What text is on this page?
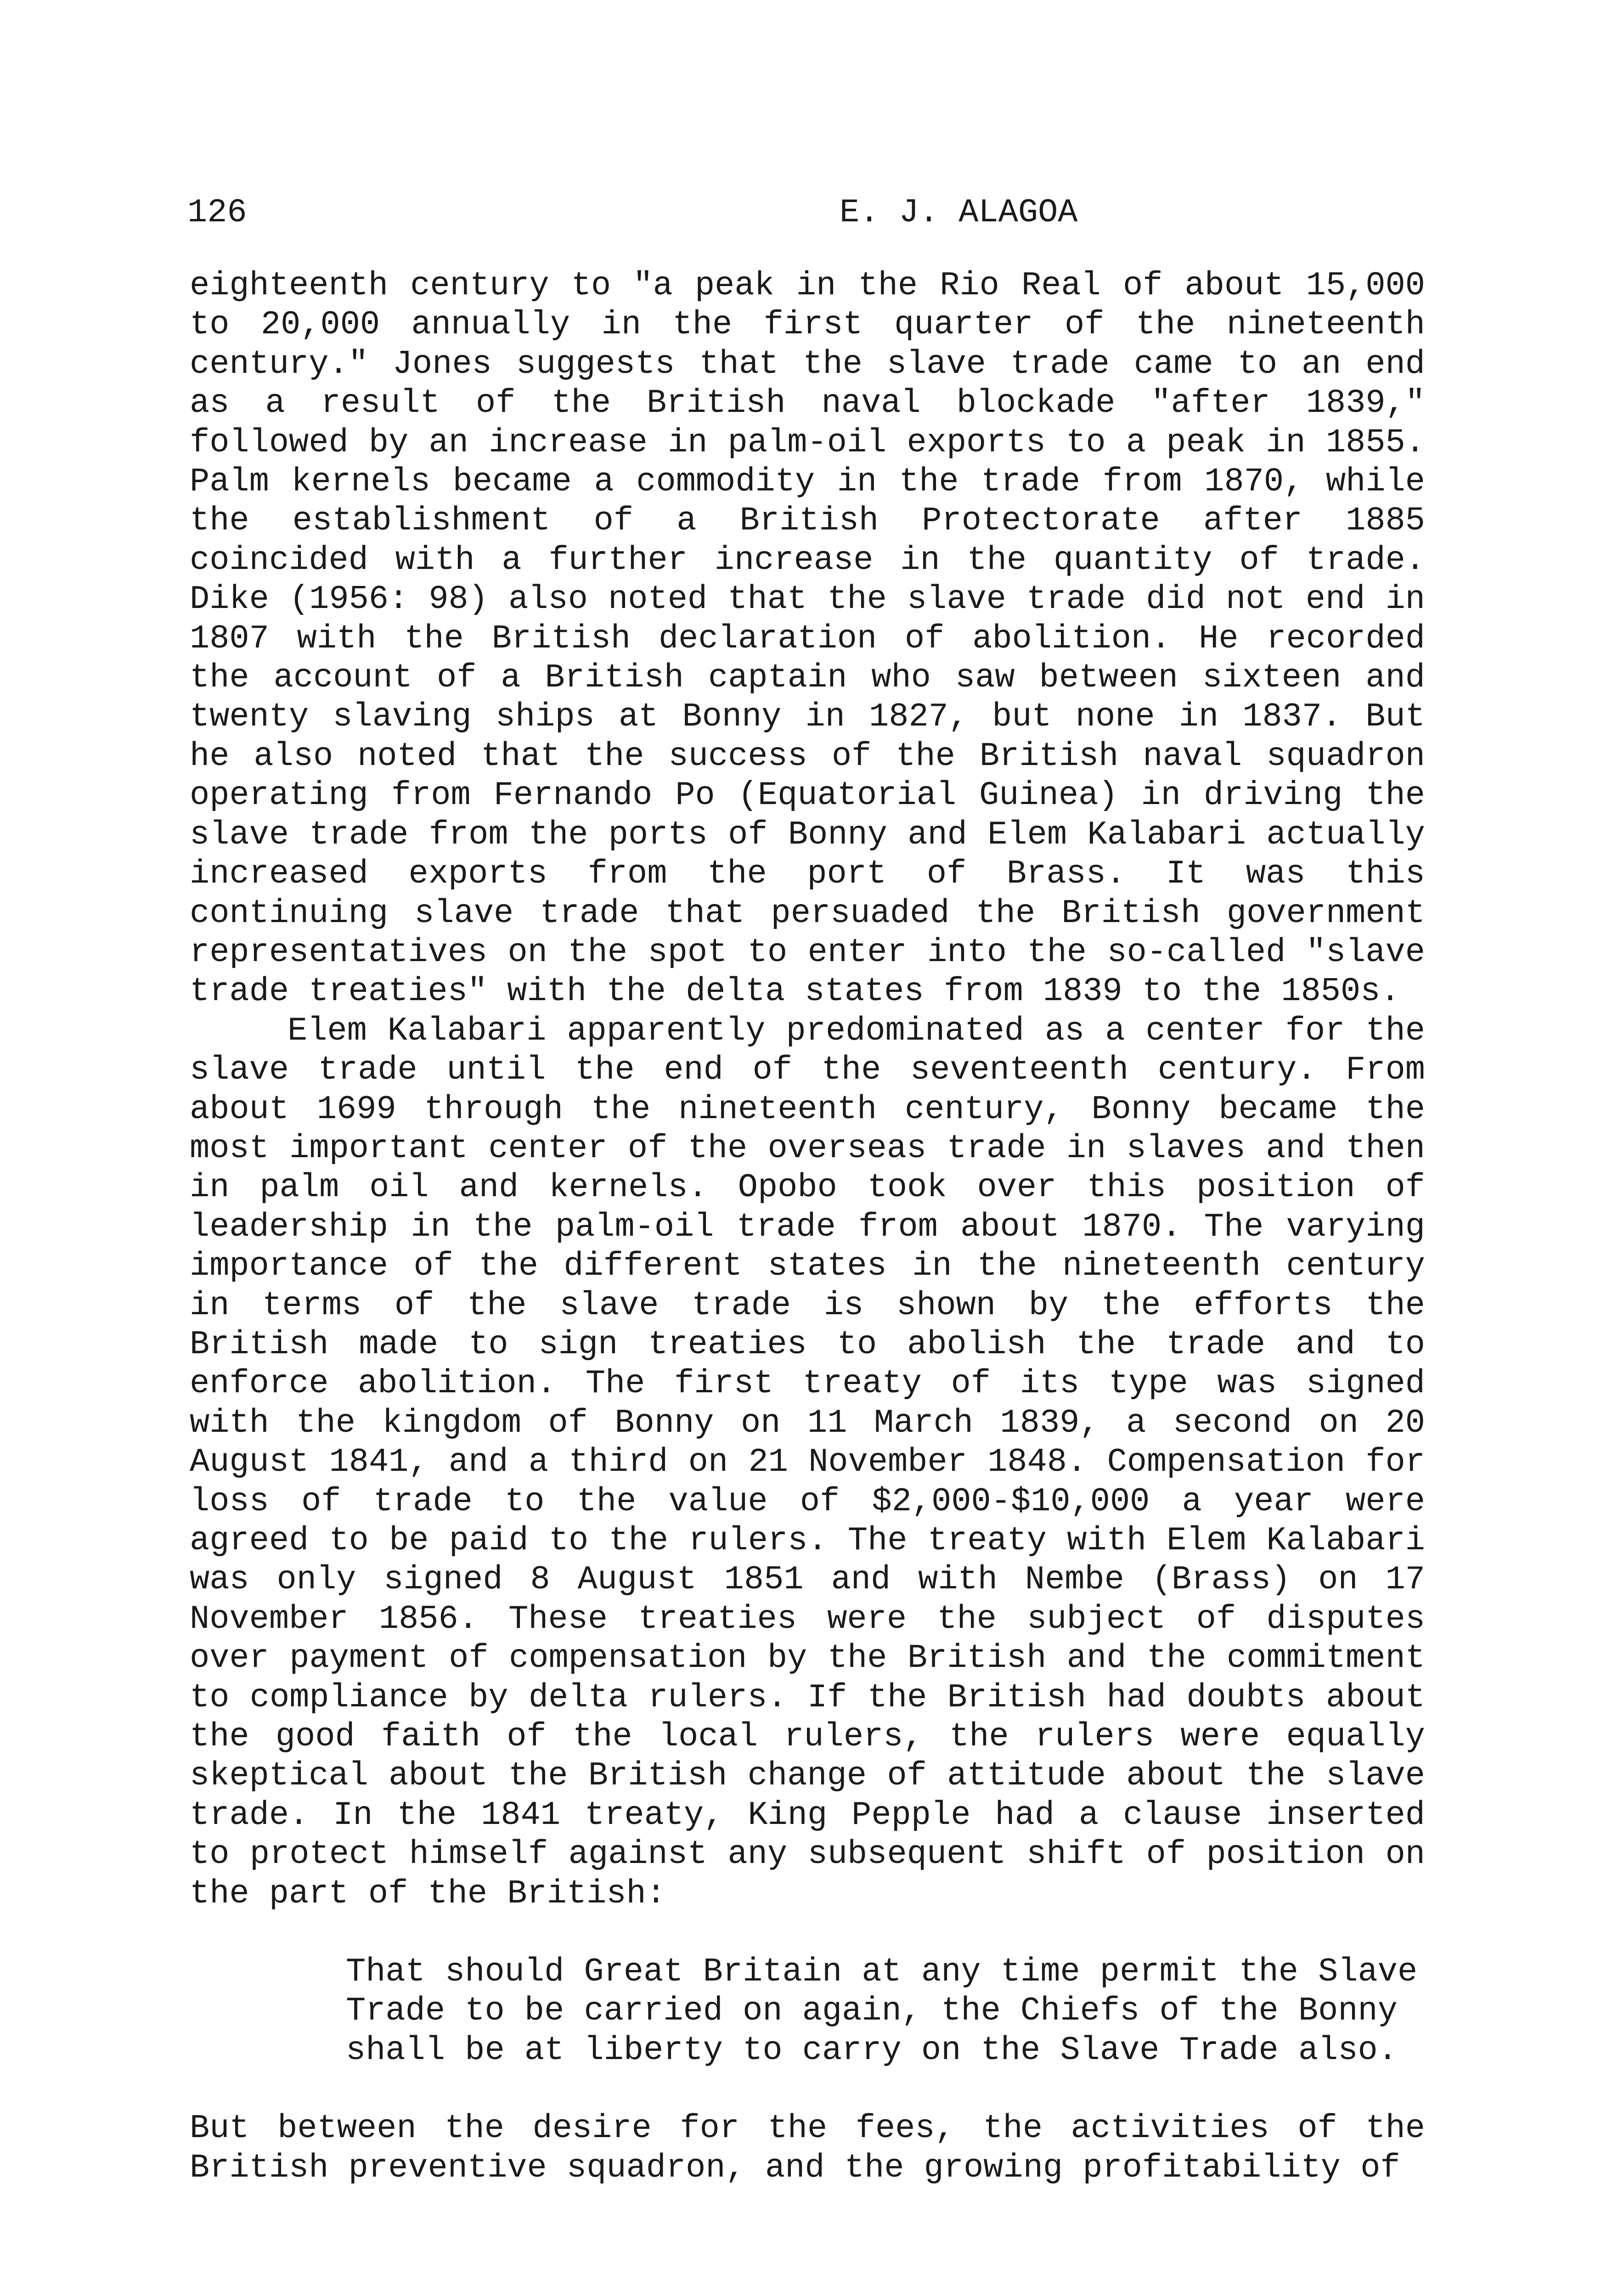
126	E. J. ALAGOA

eighteenth century to "a peak in the Rio Real of about 15,000 to 20,000 annually in the first quarter of the nineteenth century." Jones suggests that the slave trade came to an end as a result of the British naval blockade "after 1839," followed by an increase in palm-oil exports to a peak in 1855. Palm kernels became a commodity in the trade from 1870, while the establishment of a British Protectorate after 1885 coincided with a further increase in the quantity of trade. Dike (1956: 98) also noted that the slave trade did not end in 1807 with the British declaration of abolition. He recorded the account of a British captain who saw between sixteen and twenty slaving ships at Bonny in 1827, but none in 1837. But he also noted that the success of the British naval squadron operating from Fernando Po (Equatorial Guinea) in driving the slave trade from the ports of Bonny and Elem Kalabari actually increased exports from the port of Brass. It was this continuing slave trade that persuaded the British government representatives on the spot to enter into the so-called "slave trade treaties" with the delta states from 1839 to the 1850s.

Elem Kalabari apparently predominated as a center for the slave trade until the end of the seventeenth century. From about 1699 through the nineteenth century, Bonny became the most important center of the overseas trade in slaves and then in palm oil and kernels. Opobo took over this position of leadership in the palm-oil trade from about 1870. The varying importance of the different states in the nineteenth century in terms of the slave trade is shown by the efforts the British made to sign treaties to abolish the trade and to enforce abolition. The first treaty of its type was signed with the kingdom of Bonny on 11 March 1839, a second on 20 August 1841, and a third on 21 November 1848. Compensation for loss of trade to the value of $2,000-$10,000 a year were agreed to be paid to the rulers. The treaty with Elem Kalabari was only signed 8 August 1851 and with Nembe (Brass) on 17 November 1856. These treaties were the subject of disputes over payment of compensation by the British and the commitment to compliance by delta rulers. If the British had doubts about the good faith of the local rulers, the rulers were equally skeptical about the British change of attitude about the slave trade. In the 1841 treaty, King Pepple had a clause inserted to protect himself against any subsequent shift of position on the part of the British:

That should Great Britain at any time permit the Slave
Trade to be carried on again, the Chiefs of the Bonny
shall be at liberty to carry on the Slave Trade also.

But between the desire for the fees, the activities of the British preventive squadron, and the growing profitability of
